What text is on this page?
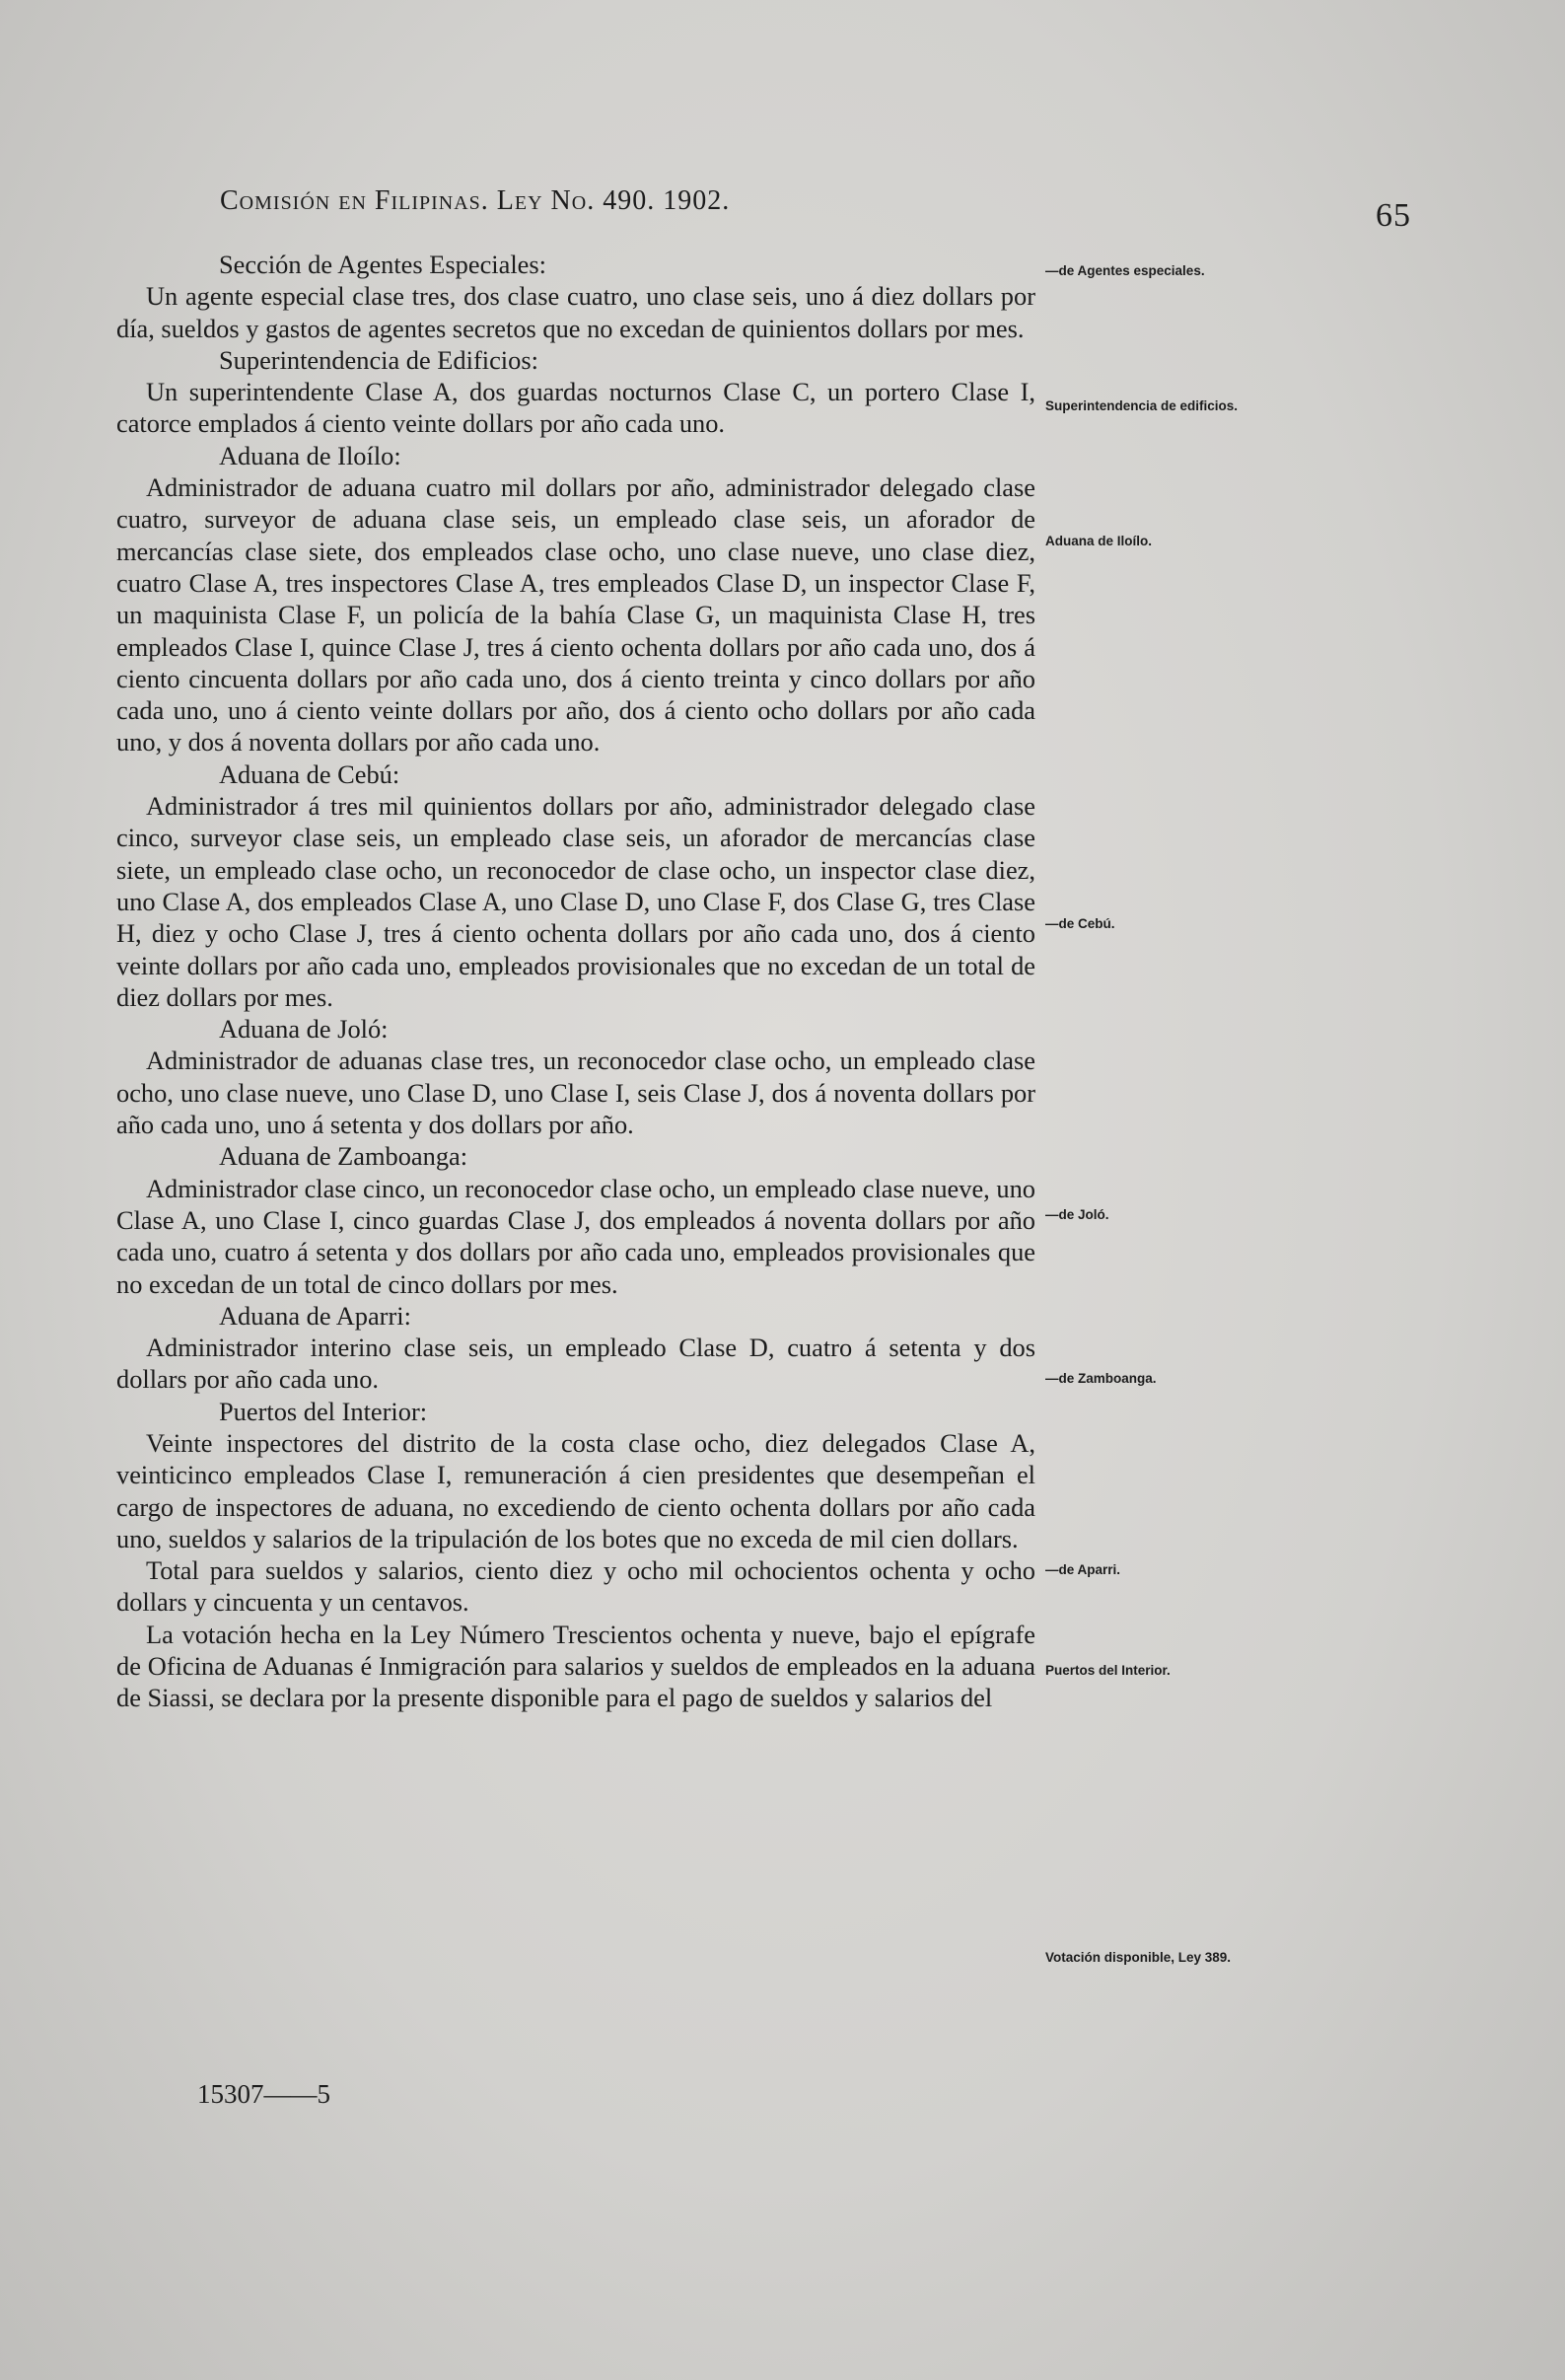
Comisión en Filipinas. Ley No. 490. 1902.	65

Sección de Agentes Especiales:

Un agente especial clase tres, dos clase cuatro, uno clase seis, uno á diez dollars por día, sueldos y gastos de agentes secretos que no excedan de quinientos dollars por mes.

Superintendencia de Edificios:

Un superintendente Clase A, dos guardas nocturnos Clase C, un portero Clase I, catorce emplados á ciento veinte dollars por año cada uno.

Aduana de Iloílo:

Administrador de aduana cuatro mil dollars por año, administrador delegado clase cuatro, surveyor de aduana clase seis, un empleado clase seis, un aforador de mercancías clase siete, dos empleados clase ocho, uno clase nueve, uno clase diez, cuatro Clase A, tres inspectores Clase A, tres empleados Clase D, un inspector Clase F, un maquinista Clase F, un policía de la bahía Clase G, un maquinista Clase H, tres empleados Clase I, quince Clase J, tres á ciento ochenta dollars por año cada uno, dos á ciento cincuenta dollars por año cada uno, dos á ciento treinta y cinco dollars por año cada uno, uno á ciento veinte dollars por año, dos á ciento ocho dollars por año cada uno, y dos á noventa dollars por año cada uno.

Aduana de Cebú:

Administrador á tres mil quinientos dollars por año, administrador delegado clase cinco, surveyor clase seis, un empleado clase seis, un aforador de mercancías clase siete, un empleado clase ocho, un reconocedor de clase ocho, un inspector clase diez, uno Clase A, dos empleados Clase A, uno Clase D, uno Clase F, dos Clase G, tres Clase H, diez y ocho Clase J, tres á ciento ochenta dollars por año cada uno, dos á ciento veinte dollars por año cada uno, empleados provisionales que no excedan de un total de diez dollars por mes.

Aduana de Joló:

Administrador de aduanas clase tres, un reconocedor clase ocho, un empleado clase ocho, uno clase nueve, uno Clase D, uno Clase I, seis Clase J, dos á noventa dollars por año cada uno, uno á setenta y dos dollars por año.

Aduana de Zamboanga:

Administrador clase cinco, un reconocedor clase ocho, un empleado clase nueve, uno Clase A, uno Clase I, cinco guardas Clase J, dos empleados á noventa dollars por año cada uno, cuatro á setenta y dos dollars por año cada uno, empleados provisionales que no excedan de un total de cinco dollars por mes.

Aduana de Aparri:

Administrador interino clase seis, un empleado Clase D, cuatro á setenta y dos dollars por año cada uno.

Puertos del Interior:

Veinte inspectores del distrito de la costa clase ocho, diez delegados Clase A, veinticinco empleados Clase I, remuneración á cien presidentes que desempeñan el cargo de inspectores de aduana, no excediendo de ciento ochenta dollars por año cada uno, sueldos y salarios de la tripulación de los botes que no exceda de mil cien dollars.

Total para sueldos y salarios, ciento diez y ocho mil ochocientos ochenta y ocho dollars y cincuenta y un centavos.

La votación hecha en la Ley Número Trescientos ochenta y nueve, bajo el epígrafe de Oficina de Aduanas é Inmigración para salarios y sueldos de empleados en la aduana de Siassi, se declara por la presente disponible para el pago de sueldos y salarios del

15307——5
—de Agentes especiales.
Superintendencia de edificios.
Aduana de Iloílo.
—de Cebú.
—de Joló.
—de Zamboanga.
—de Aparri.
Puertos del Interior.
Votación disponible, Ley 389.
